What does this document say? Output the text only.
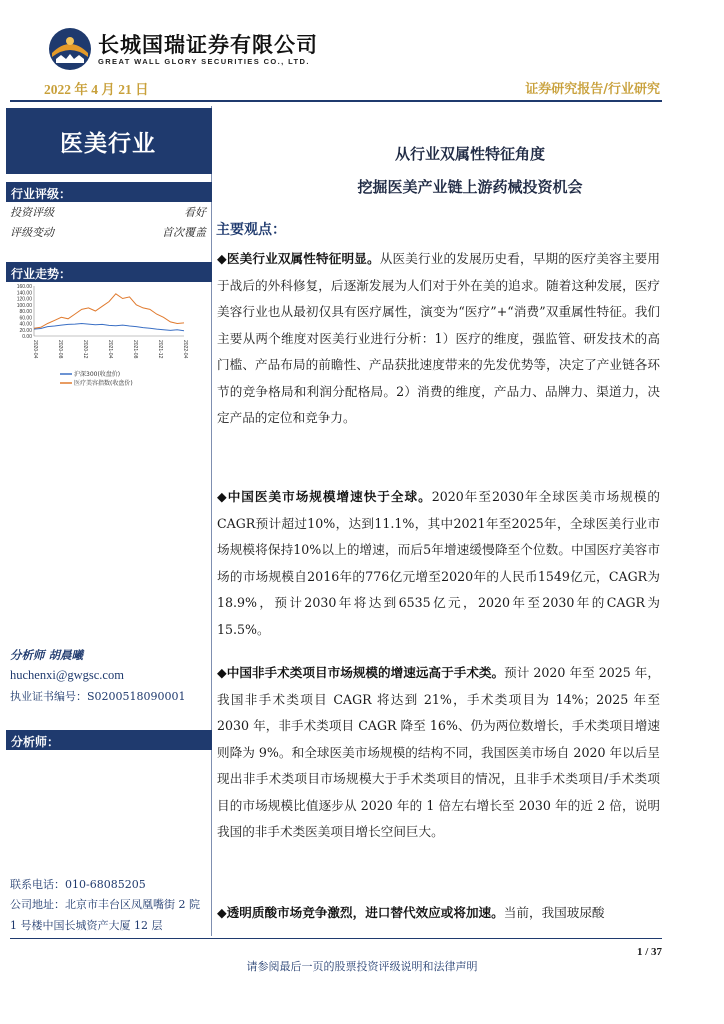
长城国瑞证券有限公司
GREAT WALL GLORY SECURITIES CO., LTD.
2022 年 4 月 21 日	证券研究报告/行业研究
医美行业
行业评级：
投资评级	看好
评级变动	首次覆盖
行业走势：
160.00
140.00
120.00
100.00
80.00
60.00
40.00
20.00
0.00
2020-04	2020-08	2020-12	2021-04	2021-08	2021-12	2022-04
沪深300(收盘价)
医疗美容指数(收盘价)
分析师：
分析师 胡晨曦
huchenxi@gwgsc.com
执业证书编号：S0200518090001
联系电话：010-68085205
公司地址：北京市丰台区凤凰嘴街 2 院 1 号楼中国长城资产大厦 12 层
从行业双属性特征角度
挖掘医美产业链上游药械投资机会
主要观点：
◆医美行业双属性特征明显。从医美行业的发展历史看，早期的医疗美容主要用于战后的外科修复，后逐渐发展为人们对于外在美的追求。随着这种发展，医疗美容行业也从最初仅具有医疗属性，演变为“医疗”+“消费”双重属性特征。我们主要从两个维度对医美行业进行分析：1）医疗的维度，强监管、研发技术的高门槛、产品布局的前瞻性、产品获批速度带来的先发优势等，决定了产业链各环节的竞争格局和利润分配格局。2）消费的维度，产品力、品牌力、渠道力，决定产品的定位和竞争力。
◆中国医美市场规模增速快于全球。2020年至2030年全球医美市场规模的CAGR预计超过10%，达到11.1%，其中2021年至2025年，全球医美行业市场规模将保持10%以上的增速，而后5年增速缓慢降至个位数。中国医疗美容市场的市场规模自2016年的776亿元增至2020年的人民币1549亿元，CAGR为18.9%，预计2030年将达到6535亿元，2020年至2030年的CAGR为15.5%。
◆中国非手术类项目市场规模的增速远高于手术类。预计 2020 年至 2025 年，我国非手术类项目 CAGR 将达到 21%，手术类项目为 14%；2025 年至 2030 年，非手术类项目 CAGR 降至 16%、仍为两位数增长，手术类项目增速则降为 9%。和全球医美市场规模的结构不同，我国医美市场自 2020 年以后呈现出非手术类项目市场规模大于手术类项目的情况，且非手术类项目/手术类项目的市场规模比值逐步从 2020 年的 1 倍左右增长至 2030 年的近 2 倍，说明我国的非手术类医美项目增长空间巨大。
◆透明质酸市场竞争激烈，进口替代效应或将加速。当前，我国玻尿酸
1 / 37
请参阅最后一页的股票投资评级说明和法律声明
